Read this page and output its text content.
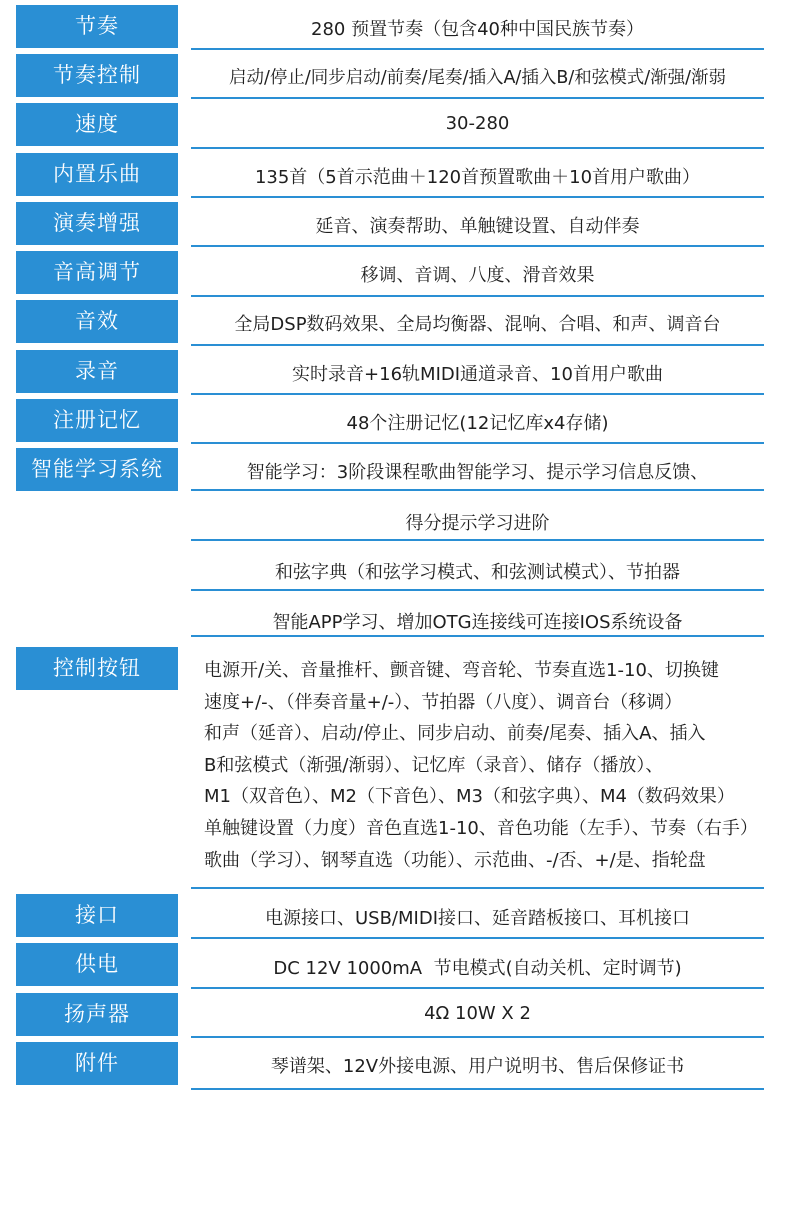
节奏	280 预置节奏（包含40种中国民族节奏）
节奏控制	启动/停止/同步启动/前奏/尾奏/插入A/插入B/和弦模式/渐强/渐弱
速度	30-280
内置乐曲	135首（5首示范曲＋120首预置歌曲＋10首用户歌曲）
演奏增强	延音、演奏帮助、单触键设置、自动伴奏
音高调节	移调、音调、八度、滑音效果
音效	全局DSP数码效果、全局均衡器、混响、合唱、和声、调音台
录音	实时录音+16轨MIDI通道录音、10首用户歌曲
注册记忆	48个注册记忆(12记忆库x4存储)
智能学习系统	智能学习：3阶段课程歌曲智能学习、提示学习信息反馈、
得分提示学习进阶
和弦字典（和弦学习模式、和弦测试模式）、节拍器
智能APP学习、增加OTG连接线可连接IOS系统设备
控制按钮	电源开/关、音量推杆、颤音键、弯音轮、节奏直选1-10、切换键
速度+/-、（伴奏音量+/-）、节拍器（八度）、调音台（移调）
和声（延音）、启动/停止、同步启动、前奏/尾奏、插入A、插入
B和弦模式（渐强/渐弱）、记忆库（录音）、储存（播放）、
M1（双音色）、M2（下音色）、M3（和弦字典）、M4（数码效果）
单触键设置（力度）音色直选1-10、音色功能（左手）、节奏（右手）
歌曲（学习）、钢琴直选（功能）、示范曲、-/否、+/是、指轮盘
接口	电源接口、USB/MIDI接口、延音踏板接口、耳机接口
供电	DC 12V 1000mA  节电模式(自动关机、定时调节)
扬声器	4Ω 10W X 2
附件	琴谱架、12V外接电源、用户说明书、售后保修证书
